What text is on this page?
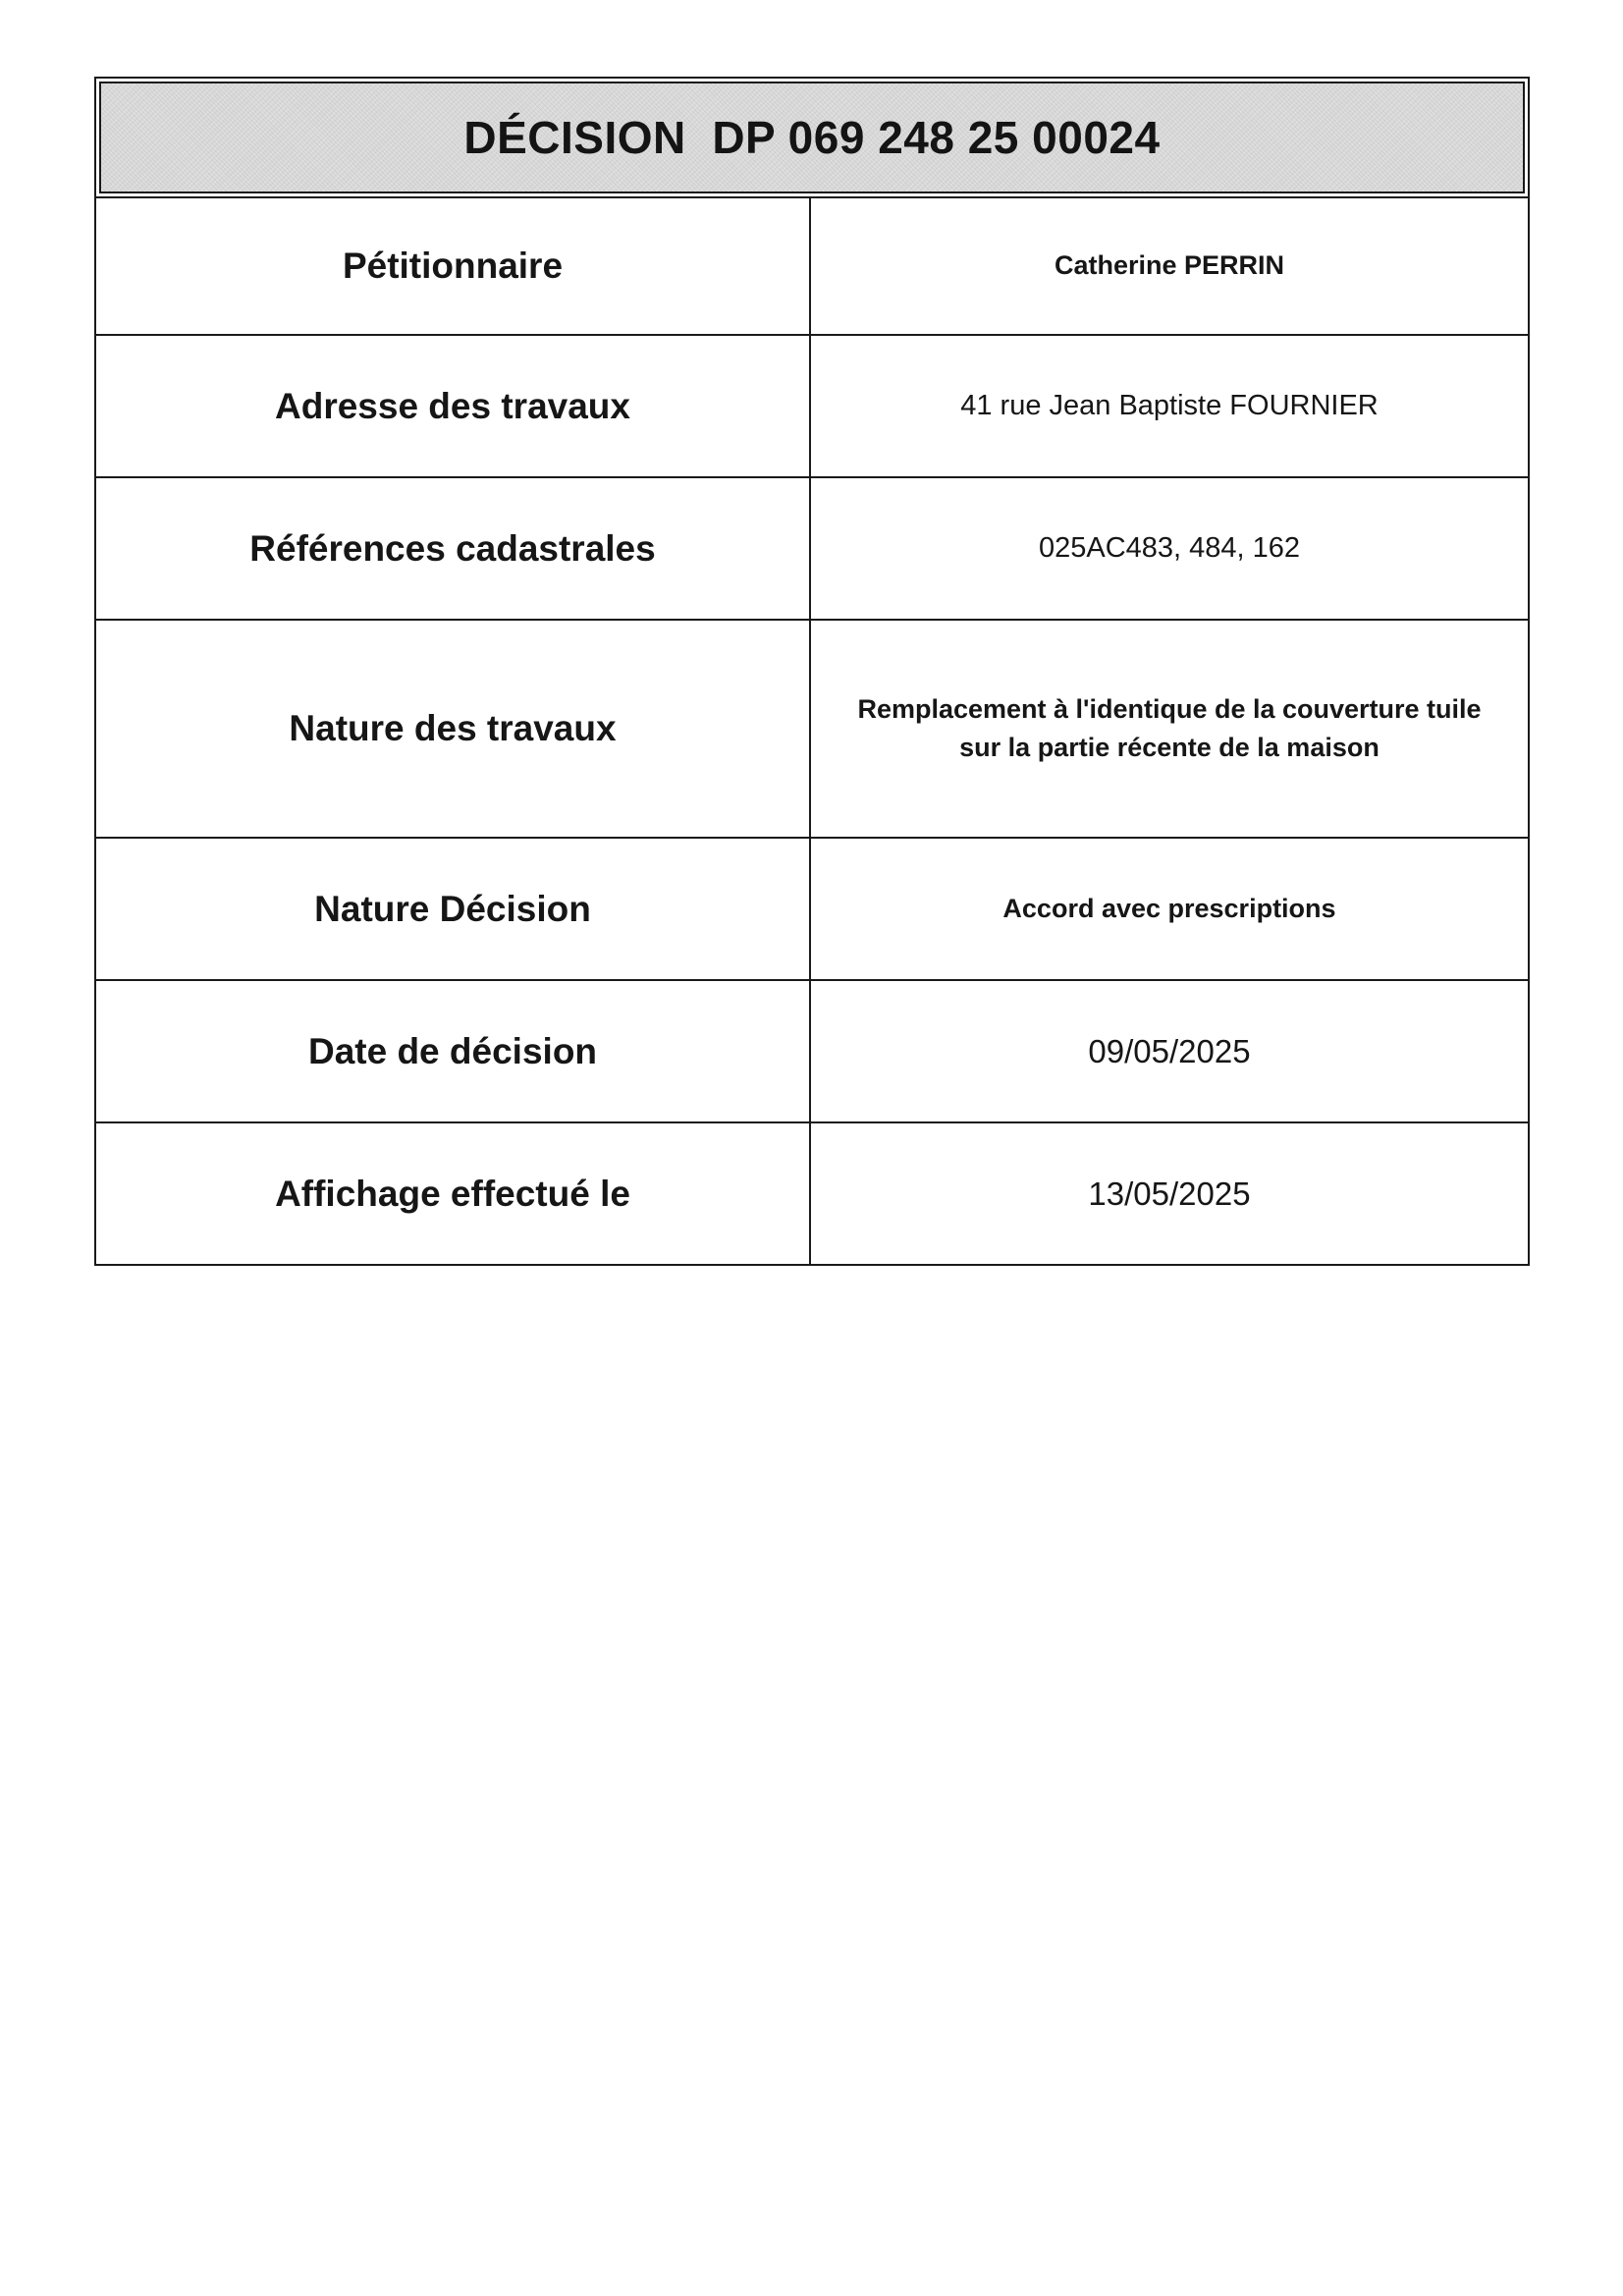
DÉCISION  DP 069 248 25 00024
Pétitionnaire	Catherine PERRIN
Adresse des travaux	41 rue Jean Baptiste FOURNIER
Références cadastrales	025AC483, 484, 162
Nature des travaux	Remplacement à l'identique de la couverture tuile
sur la partie récente de la maison
Nature Décision	Accord avec prescriptions
Date de décision	09/05/2025
Affichage effectué le	13/05/2025
